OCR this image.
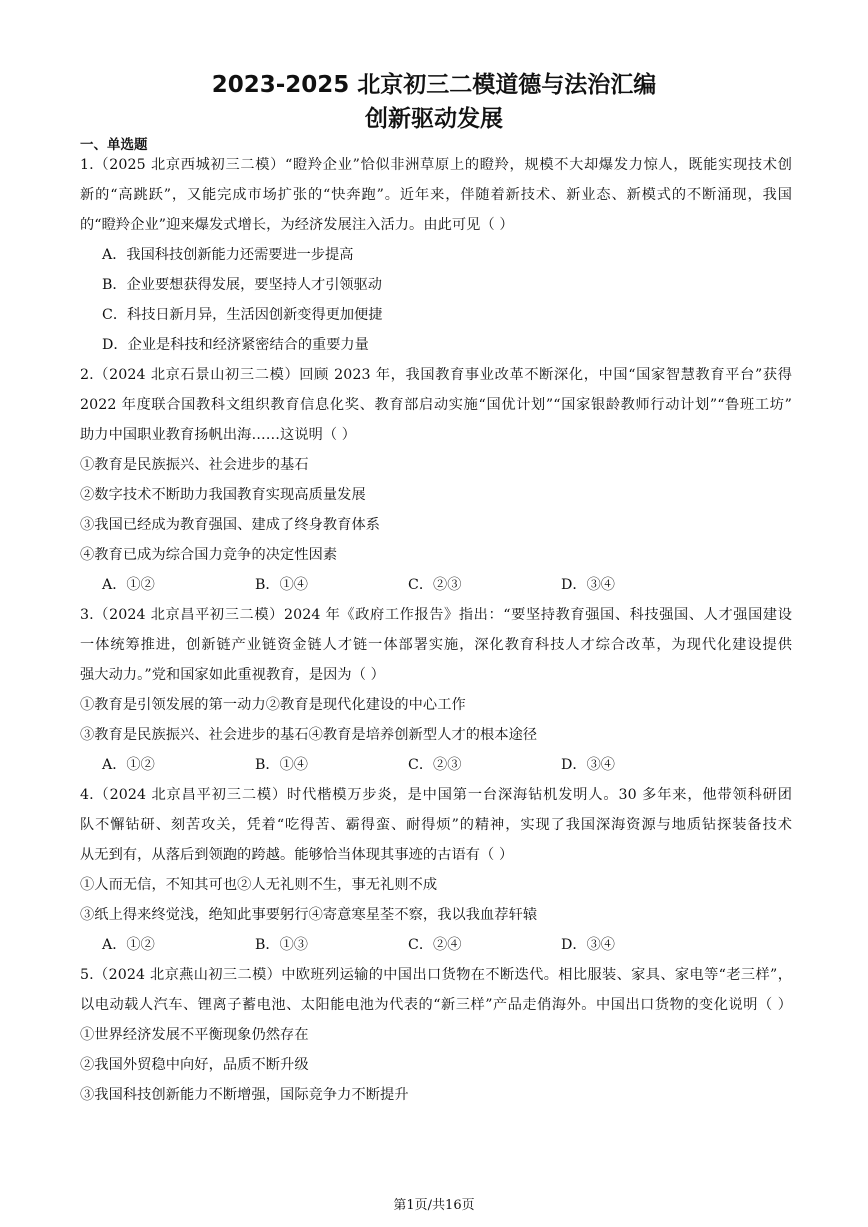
2023-2025 北京初三二模道德与法治汇编
创新驱动发展
一、单选题
1.（2025 北京西城初三二模）“瞪羚企业”恰似非洲草原上的瞪羚，规模不大却爆发力惊人，既能实现技术创
新的“高跳跃”，又能完成市场扩张的“快奔跑”。近年来，伴随着新技术、新业态、新模式的不断涌现，我国
的“瞪羚企业”迎来爆发式增长，为经济发展注入活力。由此可见（ ）
A．我国科技创新能力还需要进一步提高
B．企业要想获得发展，要坚持人才引领驱动
C．科技日新月异，生活因创新变得更加便捷
D．企业是科技和经济紧密结合的重要力量
2.（2024 北京石景山初三二模）回顾 2023 年，我国教育事业改革不断深化，中国“国家智慧教育平台”获得
2022 年度联合国教科文组织教育信息化奖、教育部启动实施“国优计划”“国家银龄教师行动计划”“鲁班工坊”
助力中国职业教育扬帆出海……这说明（ ）
①教育是民族振兴、社会进步的基石
②数字技术不断助力我国教育实现高质量发展
③我国已经成为教育强国、建成了终身教育体系
④教育已成为综合国力竞争的决定性因素
A．①②	B．①④	C．②③	D．③④
3.（2024 北京昌平初三二模）2024 年《政府工作报告》指出：“要坚持教育强国、科技强国、人才强国建设
一体统筹推进，创新链产业链资金链人才链一体部署实施，深化教育科技人才综合改革，为现代化建设提供
强大动力。”党和国家如此重视教育，是因为（ ）
①教育是引领发展的第一动力②教育是现代化建设的中心工作
③教育是民族振兴、社会进步的基石④教育是培养创新型人才的根本途径
A．①②	B．①④	C．②③	D．③④
4.（2024 北京昌平初三二模）时代楷模万步炎，是中国第一台深海钻机发明人。30 多年来，他带领科研团
队不懈钻研、刻苦攻关，凭着“吃得苦、霸得蛮、耐得烦”的精神，实现了我国深海资源与地质钻探装备技术
从无到有，从落后到领跑的跨越。能够恰当体现其事迹的古语有（ ）
①人而无信，不知其可也②人无礼则不生，事无礼则不成
③纸上得来终觉浅，绝知此事要躬行④寄意寒星荃不察，我以我血荐轩辕
A．①②	B．①③	C．②④	D．③④
5.（2024 北京燕山初三二模）中欧班列运输的中国出口货物在不断迭代。相比服装、家具、家电等“老三样”，
以电动载人汽车、锂离子蓄电池、太阳能电池为代表的“新三样”产品走俏海外。中国出口货物的变化说明（ ）
①世界经济发展不平衡现象仍然存在
②我国外贸稳中向好，品质不断升级
③我国科技创新能力不断增强，国际竞争力不断提升
第1页/共16页
